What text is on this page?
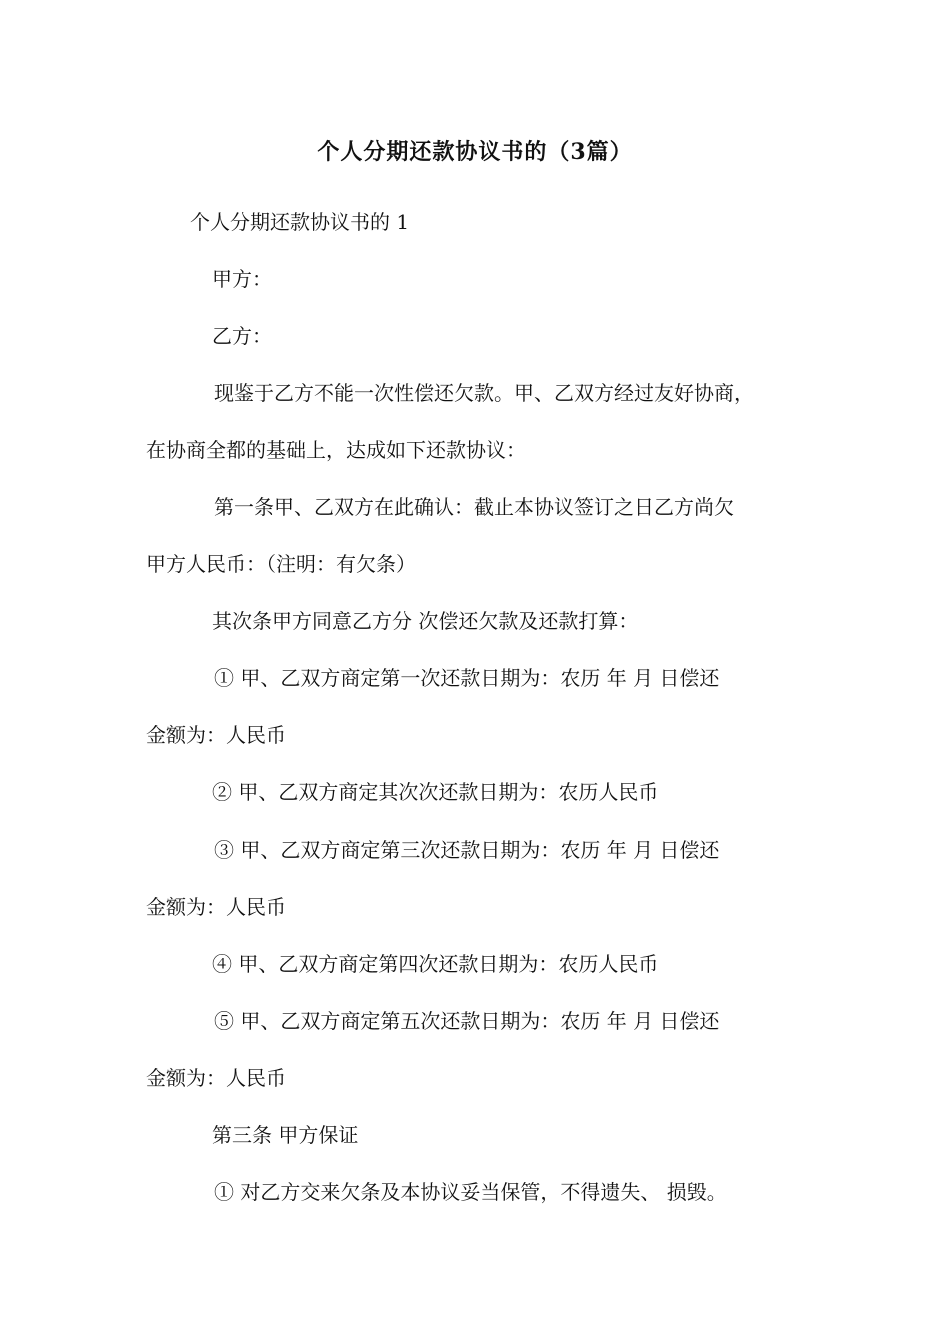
个人分期还款协议书的（3篇）
个人分期还款协议书的 1
甲方：
乙方：
现鉴于乙方不能一次性偿还欠款。甲、乙双方经过友好协商，
在协商全都的基础上，达成如下还款协议：
第一条甲、乙双方在此确认：截止本协议签订之日乙方尚欠
甲方人民币：（注明：有欠条）
其次条甲方同意乙方分 次偿还欠款及还款打算：
① 甲、乙双方商定第一次还款日期为：农历 年 月 日偿还
金额为：人民币
② 甲、乙双方商定其次次还款日期为：农历人民币
③ 甲、乙双方商定第三次还款日期为：农历 年 月 日偿还
金额为：人民币
④ 甲、乙双方商定第四次还款日期为：农历人民币
⑤ 甲、乙双方商定第五次还款日期为：农历 年 月 日偿还
金额为：人民币
第三条 甲方保证
① 对乙方交来欠条及本协议妥当保管，不得遗失、 损毁。
